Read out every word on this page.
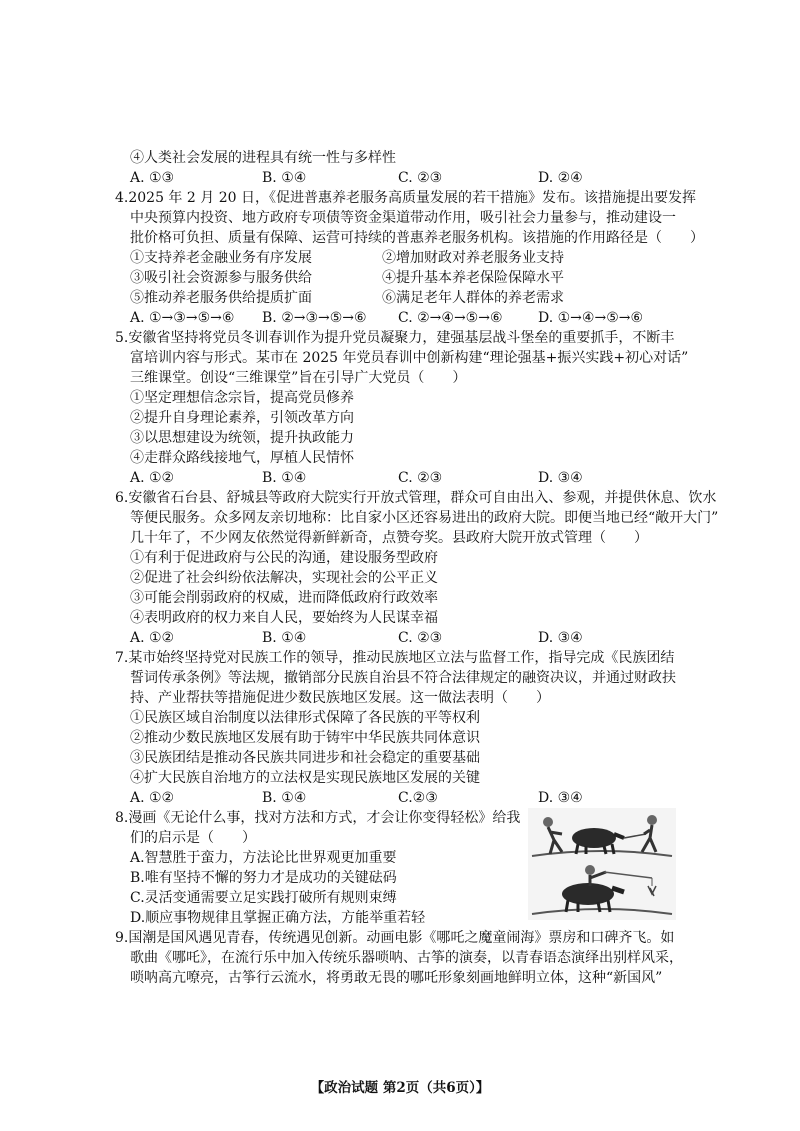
④人类社会发展的进程具有统一性与多样性
A. ①③	B. ①④	C. ②③	D. ②④
4.2025 年 2 月 20 日，《促进普惠养老服务高质量发展的若干措施》发布。该措施提出要发挥
中央预算内投资、地方政府专项债等资金渠道带动作用，吸引社会力量参与，推动建设一
批价格可负担、质量有保障、运营可持续的普惠养老服务机构。该措施的作用路径是（　　）
①支持养老金融业务有序发展	②增加财政对养老服务业支持
③吸引社会资源参与服务供给	④提升基本养老保险保障水平
⑤推动养老服务供给提质扩面	⑥满足老年人群体的养老需求
A. ①→③→⑤→⑥ B. ②→③→⑤→⑥ C. ②→④→⑤→⑥	D. ①→④→⑤→⑥
5.安徽省坚持将党员冬训春训作为提升党员凝聚力，建强基层战斗堡垒的重要抓手，不断丰
富培训内容与形式。某市在 2025 年党员春训中创新构建“理论强基+振兴实践+初心对话”
三维课堂。创设“三维课堂”旨在引导广大党员（　　）
①坚定理想信念宗旨，提高党员修养
②提升自身理论素养，引领改革方向
③以思想建设为统领，提升执政能力
④走群众路线接地气，厚植人民情怀
A. ①②	B. ①④	C. ②③	D. ③④
6.安徽省石台县、舒城县等政府大院实行开放式管理，群众可自由出入、参观，并提供休息、饮水
等便民服务。众多网友亲切地称：比自家小区还容易进出的政府大院。即便当地已经“敞开大门”
几十年了，不少网友依然觉得新鲜新奇，点赞夸奖。县政府大院开放式管理（　　）
①有利于促进政府与公民的沟通，建设服务型政府
②促进了社会纠纷依法解决，实现社会的公平正义
③可能会削弱政府的权威，进而降低政府行政效率
④表明政府的权力来自人民，要始终为人民谋幸福
A. ①②	B. ①④	C. ②③	D. ③④
7.某市始终坚持党对民族工作的领导，推动民族地区立法与监督工作，指导完成《民族团结
誓词传承条例》等法规，撤销部分民族自治县不符合法律规定的融资决议，并通过财政扶
持、产业帮扶等措施促进少数民族地区发展。这一做法表明（　　）
①民族区域自治制度以法律形式保障了各民族的平等权利
②推动少数民族地区发展有助于铸牢中华民族共同体意识
③民族团结是推动各民族共同进步和社会稳定的重要基础
④扩大民族自治地方的立法权是实现民族地区发展的关键
A. ①②	B. ①④	C.②③	D. ③④
8.漫画《无论什么事，找对方法和方式，才会让你变得轻松》给我
们的启示是（　　）
A.智慧胜于蛮力，方法论比世界观更加重要
B.唯有坚持不懈的努力才是成功的关键砝码
C.灵活变通需要立足实践打破所有规则束缚
D.顺应事物规律且掌握正确方法，方能举重若轻
9.国潮是国风遇见青春，传统遇见创新。动画电影《哪吒之魔童闹海》票房和口碑齐飞。如
歌曲《哪吒》，在流行乐中加入传统乐器唢呐、古筝的演奏，以青春语态演绎出别样风采，
唢呐高亢嘹亮，古筝行云流水，将勇敢无畏的哪吒形象刻画地鲜明立体，这种“新国风”
【政治试题 第2页（共6页）】
